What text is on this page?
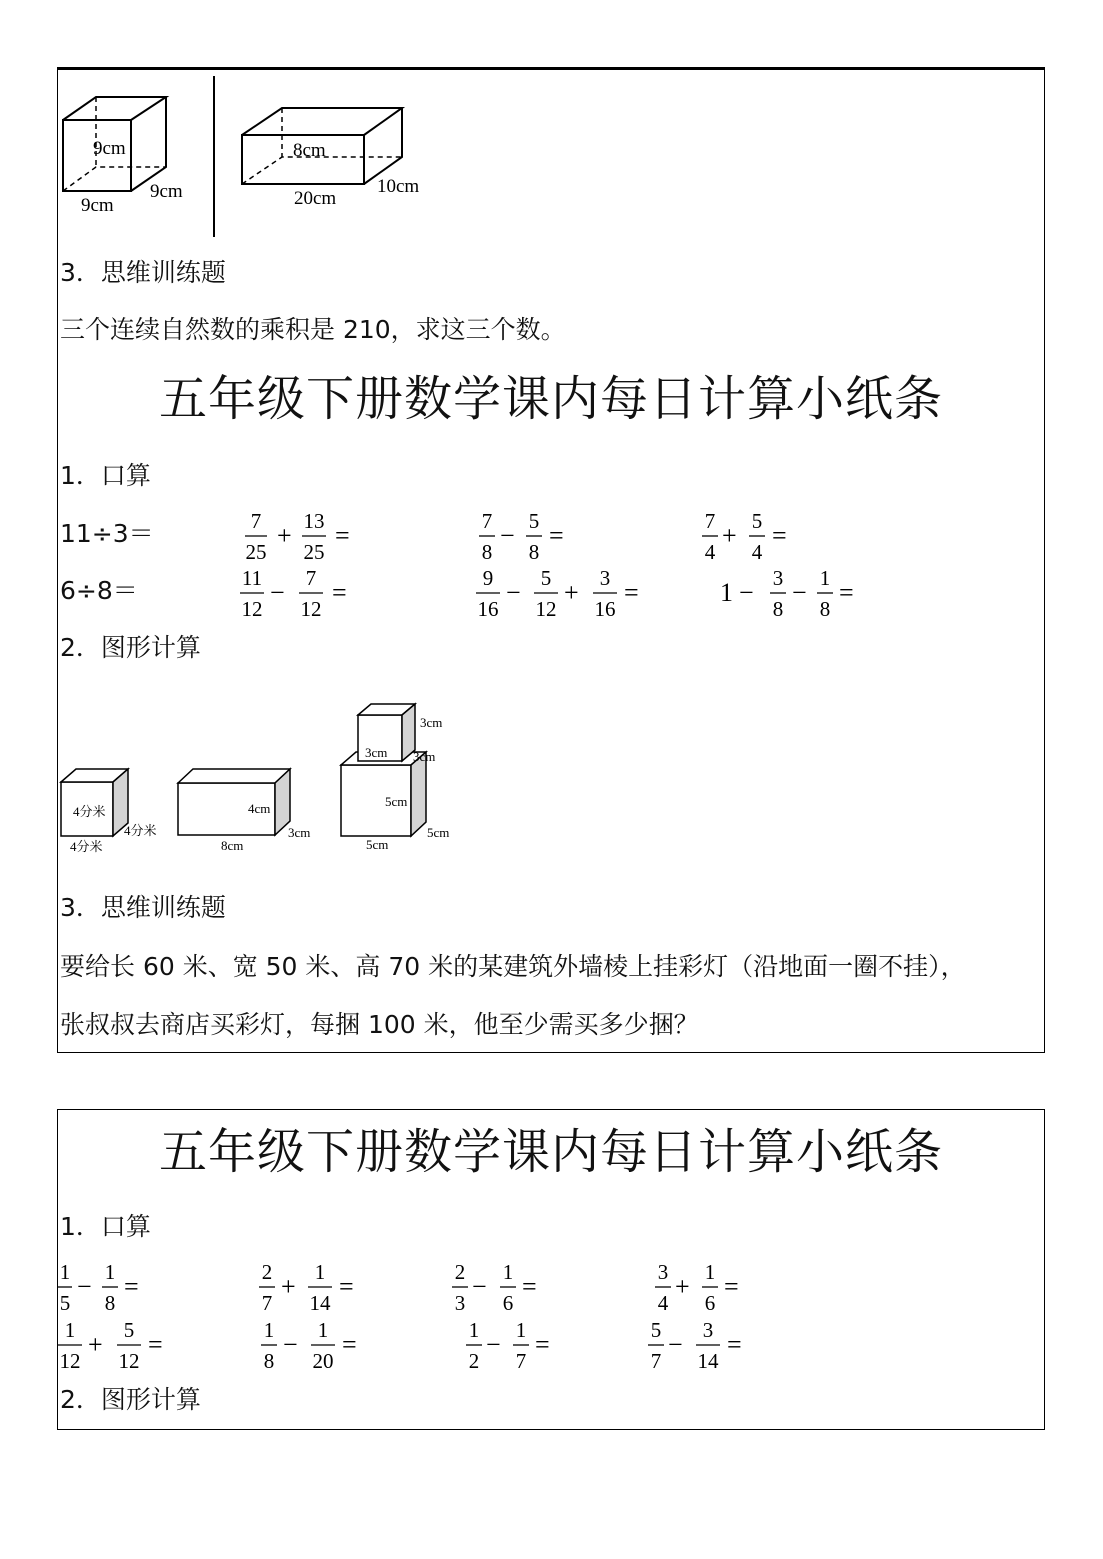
9cm
9cm
9cm
8cm
20cm
10cm
3．思维训练题
三个连续自然数的乘积是 210，求这三个数。
五年级下册数学课内每日计算小纸条
1．口算
11÷3＝	7
25
+ 13
25
=	7
8
− 5
8
=	7
4
+ 5
4
=
6÷8＝	11
12
− 7
12
=	9
16
− 5
12
+ 3
16
=	1 − 3
8
− 1
8
=
2．图形计算
4分米
4分米
4分米
4cm
3cm
8cm
3cm
3cm 3cm
5cm
5cm
5cm
3．思维训练题
要给长 60 米、宽 50 米、高 70 米的某建筑外墙棱上挂彩灯（沿地面一圈不挂），
张叔叔去商店买彩灯，每捆 100 米，他至少需买多少捆？
五年级下册数学课内每日计算小纸条
1．口算
1
5
− 1
8
=	2
7
+ 1
14
=	2
3
− 1
6
=	3
4
+ 1
6
=
1
12
+ 5
12
=	1
8
− 1
20
=	1
2
− 1
7
=	5
7
− 3
14
=
2．图形计算
